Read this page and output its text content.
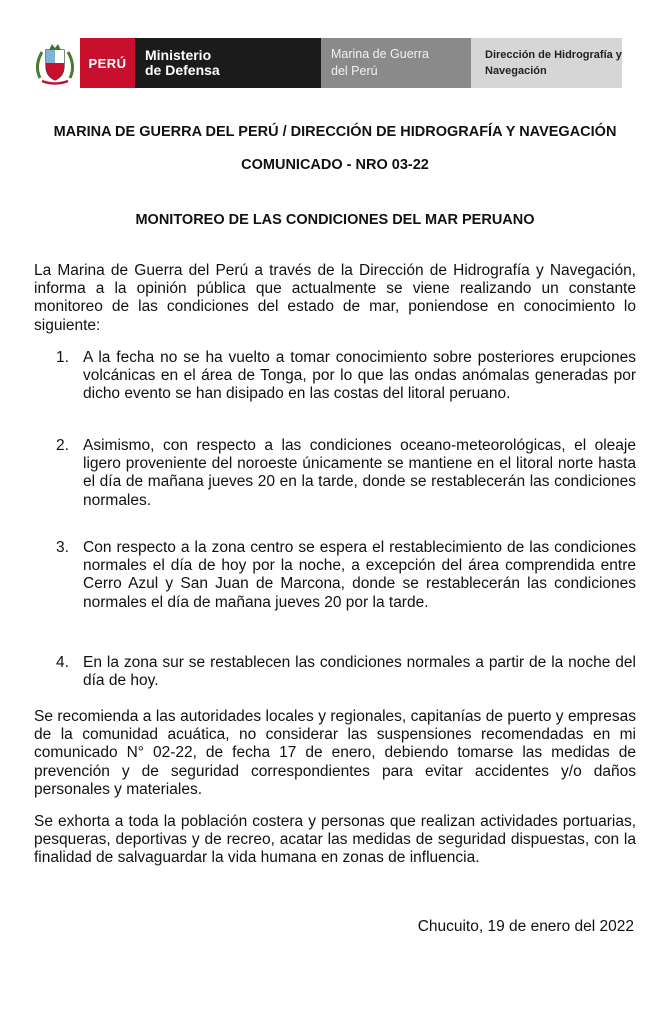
PERÚ Ministerio
de Defensa
Marina de Guerra
del Perú
Dirección de Hidrografía y
Navegación
MARINA DE GUERRA DEL PERÚ / DIRECCIÓN DE HIDROGRAFÍA Y NAVEGACIÓN
COMUNICADO - NRO 03-22
MONITOREO DE LAS CONDICIONES DEL MAR PERUANO
La Marina de Guerra del Perú a través de la Dirección de Hidrografía y Navegación, informa a la opinión pública que actualmente se viene realizando un constante monitoreo de las condiciones del estado de mar, poniendose en conocimiento lo siguiente:
1. A la fecha no se ha vuelto a tomar conocimiento sobre posteriores erupciones volcánicas en el área de Tonga, por lo que las ondas anómalas generadas por dicho evento se han disipado en las costas del litoral peruano.
2. Asimismo, con respecto a las condiciones oceano-meteorológicas, el oleaje ligero proveniente del noroeste únicamente se mantiene en el litoral norte hasta el día de mañana jueves 20 en la tarde, donde se restablecerán las condiciones normales.
3. Con respecto a la zona centro se espera el restablecimiento de las condiciones normales el día de hoy por la noche, a excepción del área comprendida entre Cerro Azul y San Juan de Marcona, donde se restablecerán las condiciones normales el día de mañana jueves 20 por la tarde.
4. En la zona sur se restablecen las condiciones normales a partir de la noche del día de hoy.
Se recomienda a las autoridades locales y regionales, capitanías de puerto y empresas de la comunidad acuática, no considerar las suspensiones recomendadas en mi comunicado N° 02-22, de fecha 17 de enero, debiendo tomarse las medidas de prevención y de seguridad correspondientes para evitar accidentes y/o daños personales y materiales.
Se exhorta a toda la población costera y personas que realizan actividades portuarias, pesqueras, deportivas y de recreo, acatar las medidas de seguridad dispuestas, con la finalidad de salvaguardar la vida humana en zonas de influencia.
Chucuito, 19 de enero del 2022
